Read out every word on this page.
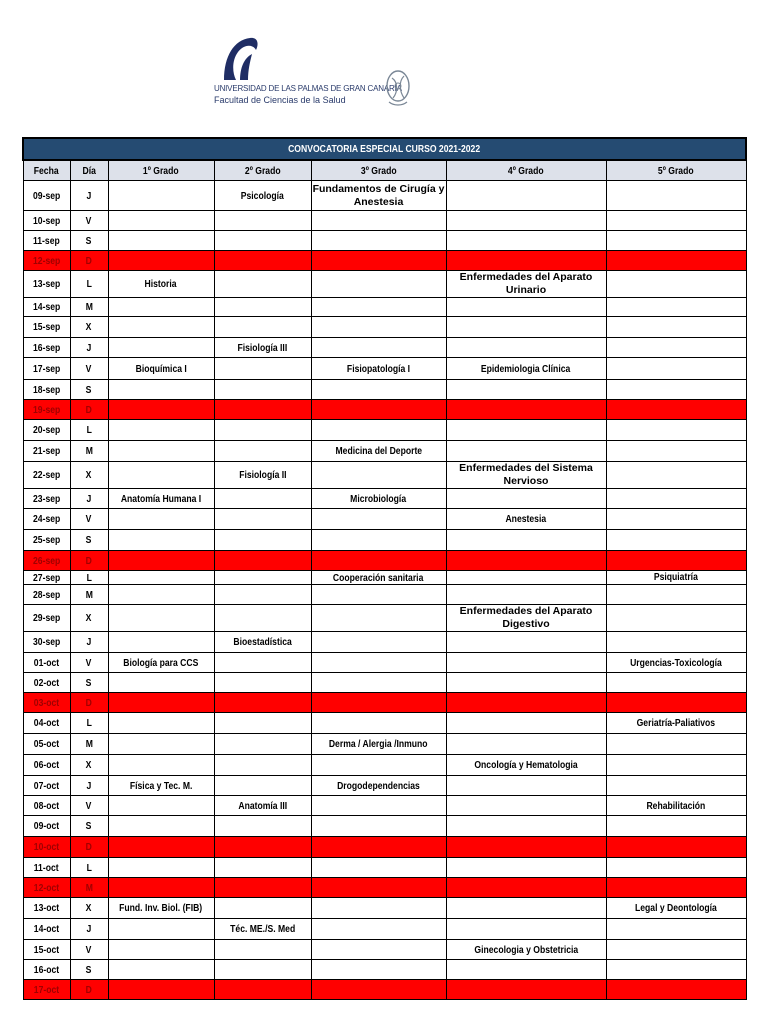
UNIVERSIDAD DE LAS PALMAS DE GRAN CANARIA
Facultad de Ciencias de la Salud
CONVOCATORIA ESPECIAL CURSO 2021-2022						
Fecha	Día	1º Grado	2º Grado	3º Grado	4º Grado	5º Grado
09-sep	J		Psicología	Fundamentos de Cirugía y Anestesia		
10-sep	V					
11-sep	S					
12-sep	D					
13-sep	L	Historia			Enfermedades del Aparato Urinario	
14-sep	M					
15-sep	X					
16-sep	J		Fisiología III			
17-sep	V	Bioquímica I		Fisiopatología I	Epidemiologia Clínica	
18-sep	S					
19-sep	D					
20-sep	L					
21-sep	M			Medicina del Deporte		
22-sep	X		Fisiología II		Enfermedades del Sistema Nervioso	
23-sep	J	Anatomía Humana I		Microbiología		
24-sep	V				Anestesia	
25-sep	S					
26-sep	D					
27-sep	L			Cooperación sanitaria		Psiquiatría
28-sep	M					
29-sep	X				Enfermedades del Aparato Digestivo	
30-sep	J		Bioestadística			
01-oct	V	Biología para CCS				Urgencias-Toxicología
02-oct	S					
03-oct	D					
04-oct	L					Geriatría-Paliativos
05-oct	M			Derma / Alergia /Inmuno		
06-oct	X				Oncología y Hematologia	
07-oct	J	Física y Tec. M.		Drogodependencias		
08-oct	V		Anatomía III			Rehabilitación
09-oct	S					
10-oct	D					
11-oct	L					
12-oct	M					
13-oct	X	Fund. Inv. Biol. (FIB)				Legal y Deontología
14-oct	J		Téc. ME./S. Med			
15-oct	V				Ginecologia y Obstetricia	
16-oct	S					
17-oct	D					
